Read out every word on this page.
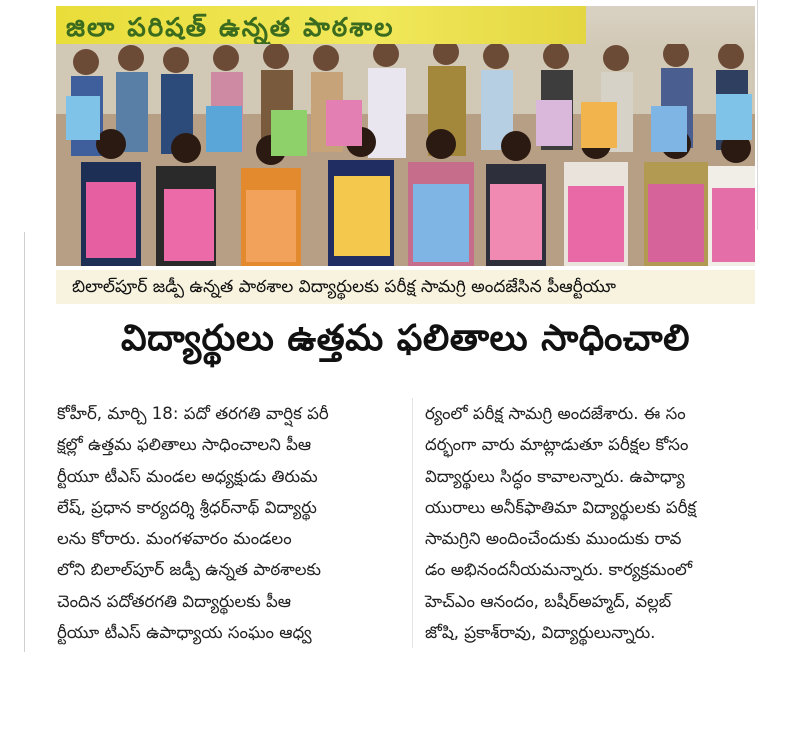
జిలా పరిషత్ ఉన్నత పాఠశాల
బిలాల్‌పూర్ జడ్పీ ఉన్నత పాఠశాల విద్యార్థులకు పరీక్ష సామగ్రి అందజేసిన పీఆర్టీయూ
విద్యార్థులు ఉత్తమ ఫలితాలు సాధించాలి

కోహీర్, మార్చి 18: పదో తరగతి వార్షిక పరీ

క్షల్లో ఉత్తమ ఫలితాలు సాధించాలని పీఆ

ర్టీయూ టీఎస్ మండల అధ్యక్షుడు తిరుమ

లేష్, ప్రధాన కార్యదర్శి శ్రీధర్‌నాథ్ విద్యార్థు

లను కోరారు. మంగళవారం మండలం

లోని బిలాల్‌పూర్ జడ్పీ ఉన్నత పాఠశాలకు

చెందిన పదోతరగతి విద్యార్థులకు పీఆ

ర్టీయూ టీఎస్ ఉపాధ్యాయ సంఘం ఆధ్వ

ర్యంలో పరీక్ష సామగ్రి అందజేశారు. ఈ సం

దర్భంగా వారు మాట్లాడుతూ పరీక్షల కోసం

విద్యార్థులు సిద్ధం కావాలన్నారు. ఉపాధ్యా

యురాలు అనీక్‌ఫాతిమా విద్యార్థులకు పరీక్ష

సామగ్రిని అందించేందుకు ముందుకు రావ

డం అభినందనీయమన్నారు. కార్యక్రమంలో

హెచ్ఎం ఆనందం, బషీర్‌అహ్మద్, వల్లబ్

జోషి, ప్రకాశ్‌రావు, విద్యార్థులున్నారు.
